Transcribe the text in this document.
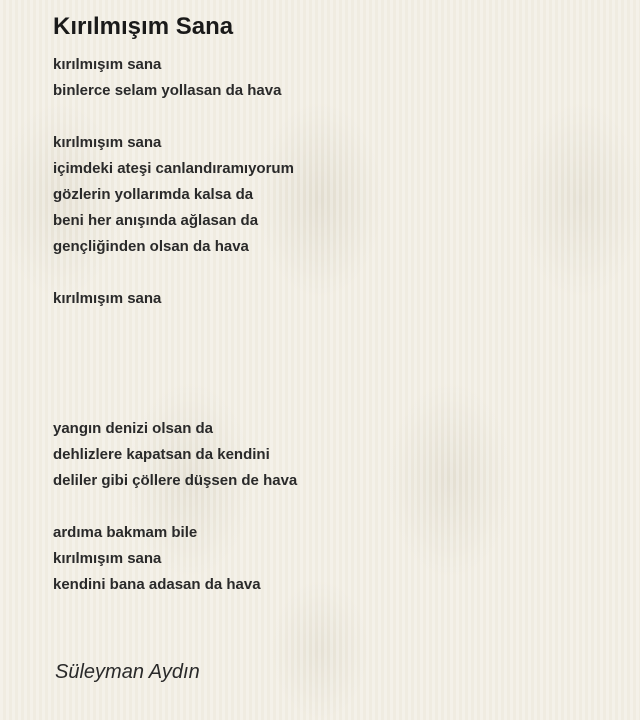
Kırılmışım Sana
kırılmışım sana
binlerce selam yollasan da hava
kırılmışım sana
içimdeki ateşi canlandıramıyorum
gözlerin yollarımda kalsa da
beni her anışında ağlasan da
gençliğinden olsan da hava
kırılmışım sana
yangın denizi olsan da
dehlizlere kapatsan da kendini
deliler gibi çöllere düşsen de hava
ardıma bakmam bile
kırılmışım sana
kendini bana adasan da hava
Süleyman Aydın
